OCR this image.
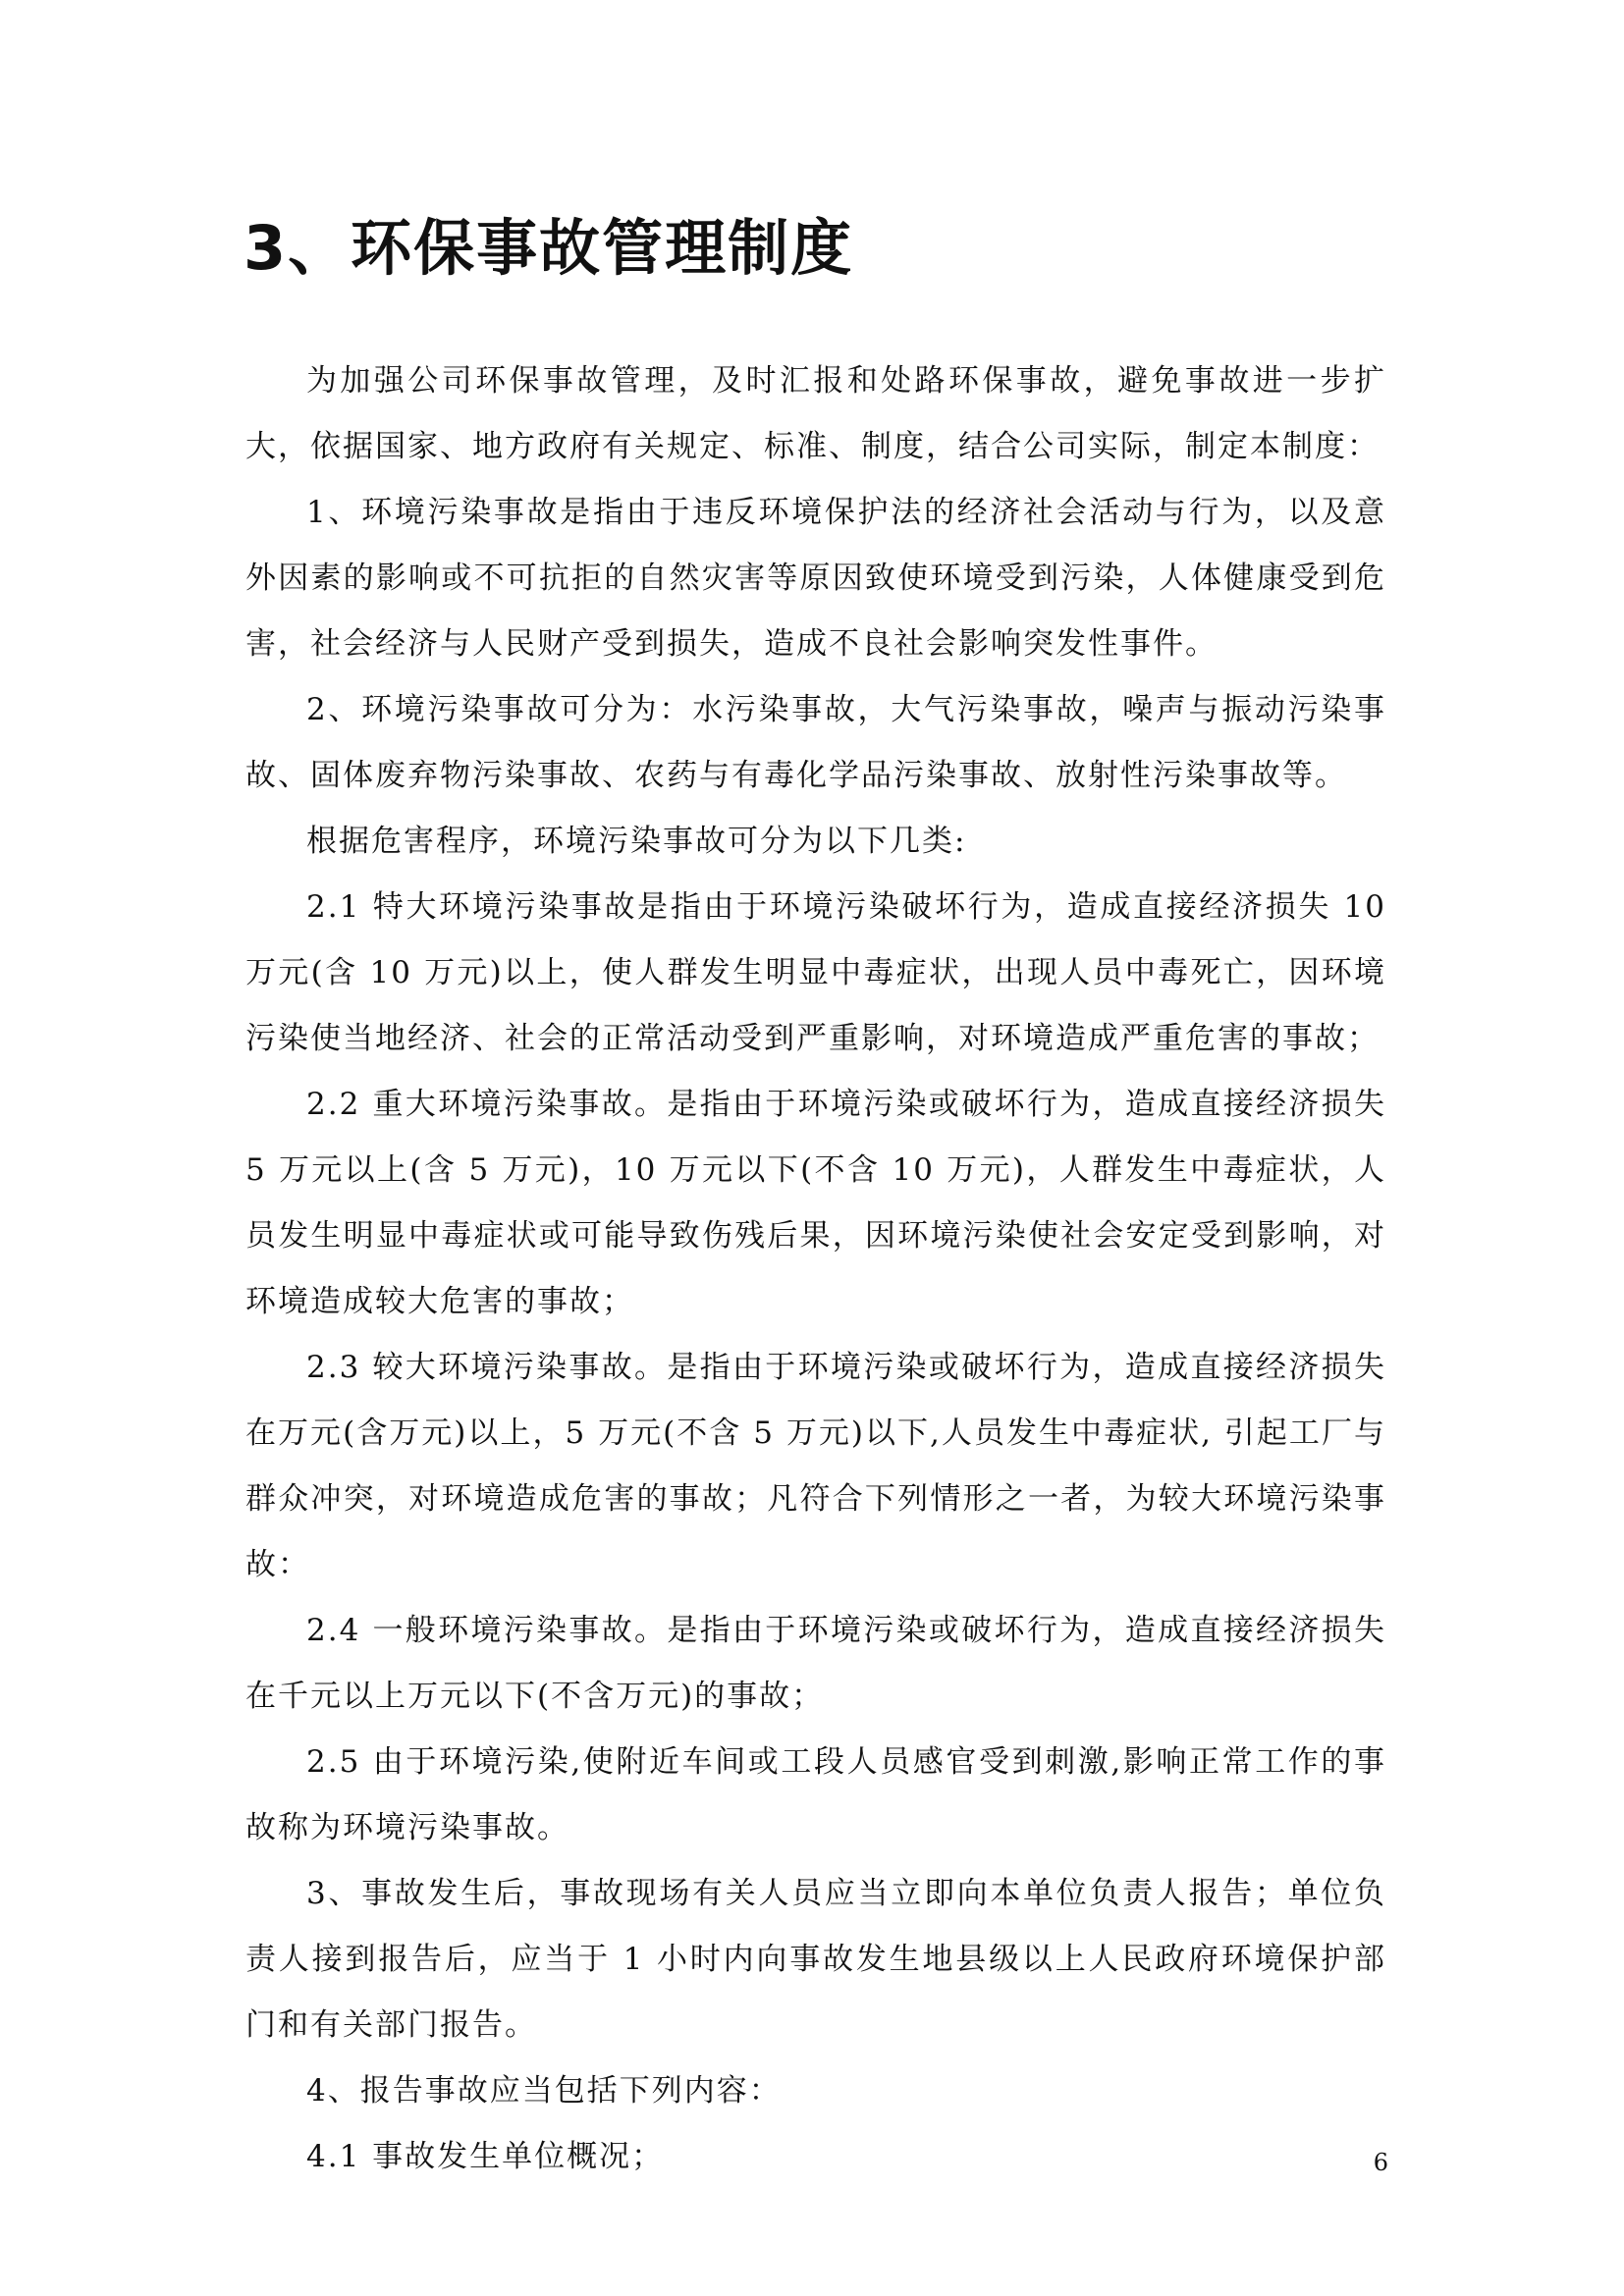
3、环保事故管理制度

为加强公司环保事故管理，及时汇报和处路环保事故，避免事故进一步扩大，依据国家、地方政府有关规定、标准、制度，结合公司实际，制定本制度：

1、环境污染事故是指由于违反环境保护法的经济社会活动与行为，以及意外因素的影响或不可抗拒的自然灾害等原因致使环境受到污染，人体健康受到危害，社会经济与人民财产受到损失，造成不良社会影响突发性事件。

2、环境污染事故可分为：水污染事故，大气污染事故，噪声与振动污染事故、固体废弃物污染事故、农药与有毒化学品污染事故、放射性污染事故等。

根据危害程序，环境污染事故可分为以下几类:

2.1 特大环境污染事故是指由于环境污染破坏行为，造成直接经济损失 10 万元(含 10 万元)以上，使人群发生明显中毒症状，出现人员中毒死亡，因环境污染使当地经济、社会的正常活动受到严重影响，对环境造成严重危害的事故；

2.2 重大环境污染事故。是指由于环境污染或破坏行为，造成直接经济损失 5 万元以上(含 5 万元)，10 万元以下(不含 10 万元)，人群发生中毒症状，人员发生明显中毒症状或可能导致伤残后果，因环境污染使社会安定受到影响，对环境造成较大危害的事故；

2.3 较大环境污染事故。是指由于环境污染或破坏行为，造成直接经济损失在万元(含万元)以上，5 万元(不含 5 万元)以下,人员发生中毒症状, 引起工厂与群众冲突，对环境造成危害的事故；凡符合下列情形之一者，为较大环境污染事故：

2.4 一般环境污染事故。是指由于环境污染或破坏行为，造成直接经济损失在千元以上万元以下(不含万元)的事故；

2.5 由于环境污染,使附近车间或工段人员感官受到刺激,影响正常工作的事故称为环境污染事故。

3、事故发生后，事故现场有关人员应当立即向本单位负责人报告；单位负责人接到报告后，应当于 1 小时内向事故发生地县级以上人民政府环境保护部门和有关部门报告。

4、报告事故应当包括下列内容：

4.1 事故发生单位概况；	6
